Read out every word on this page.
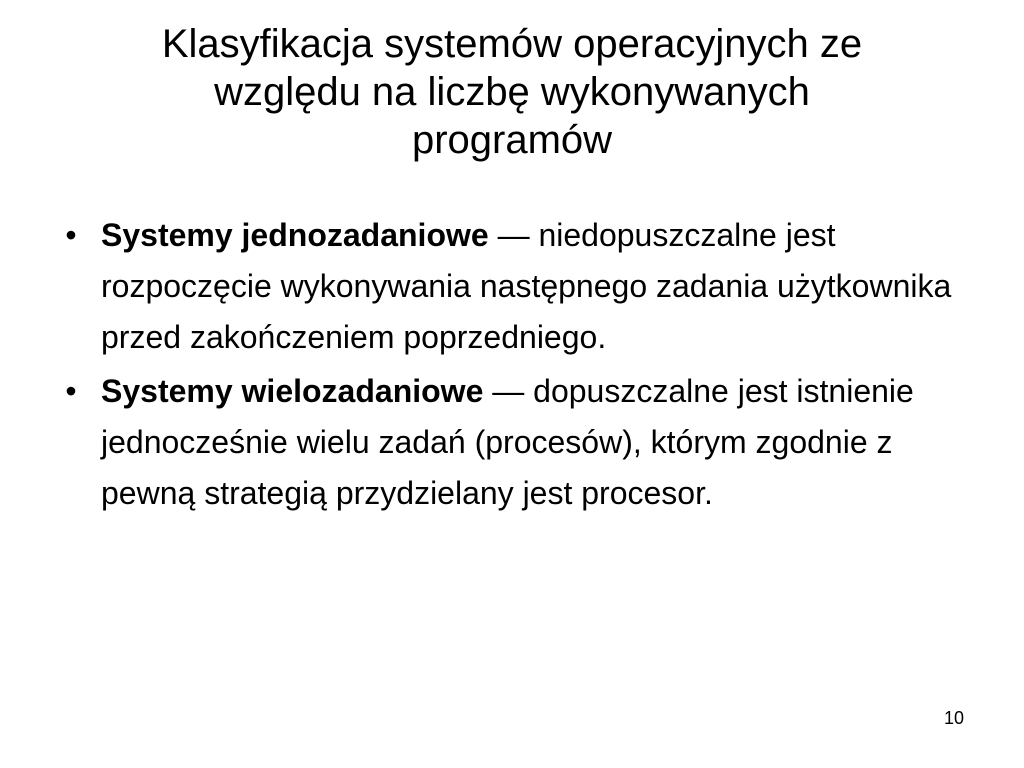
Klasyfikacja systemów operacyjnych ze
względu na liczbę wykonywanych
programów
• Systemy jednozadaniowe — niedopuszczalne jest rozpoczęcie wykonywania następnego zadania użytkownika przed zakończeniem poprzedniego.
• Systemy wielozadaniowe — dopuszczalne jest istnienie jednocześnie wielu zadań (procesów), którym zgodnie z pewną strategią przydzielany jest procesor.
10
